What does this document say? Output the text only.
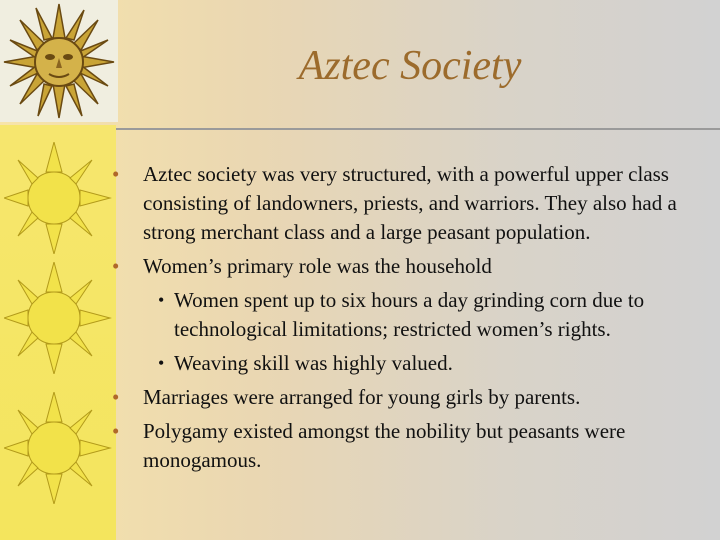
Aztec Society
• Aztec society was very structured, with a powerful upper class consisting of landowners, priests, and warriors. They also had a strong merchant class and a large peasant population.
• Women’s primary role was the household
• Women spent up to six hours a day grinding corn due to technological limitations; restricted women’s rights.
• Weaving skill was highly valued.
• Marriages were arranged for young girls by parents.
• Polygamy existed amongst the nobility but peasants were monogamous.
